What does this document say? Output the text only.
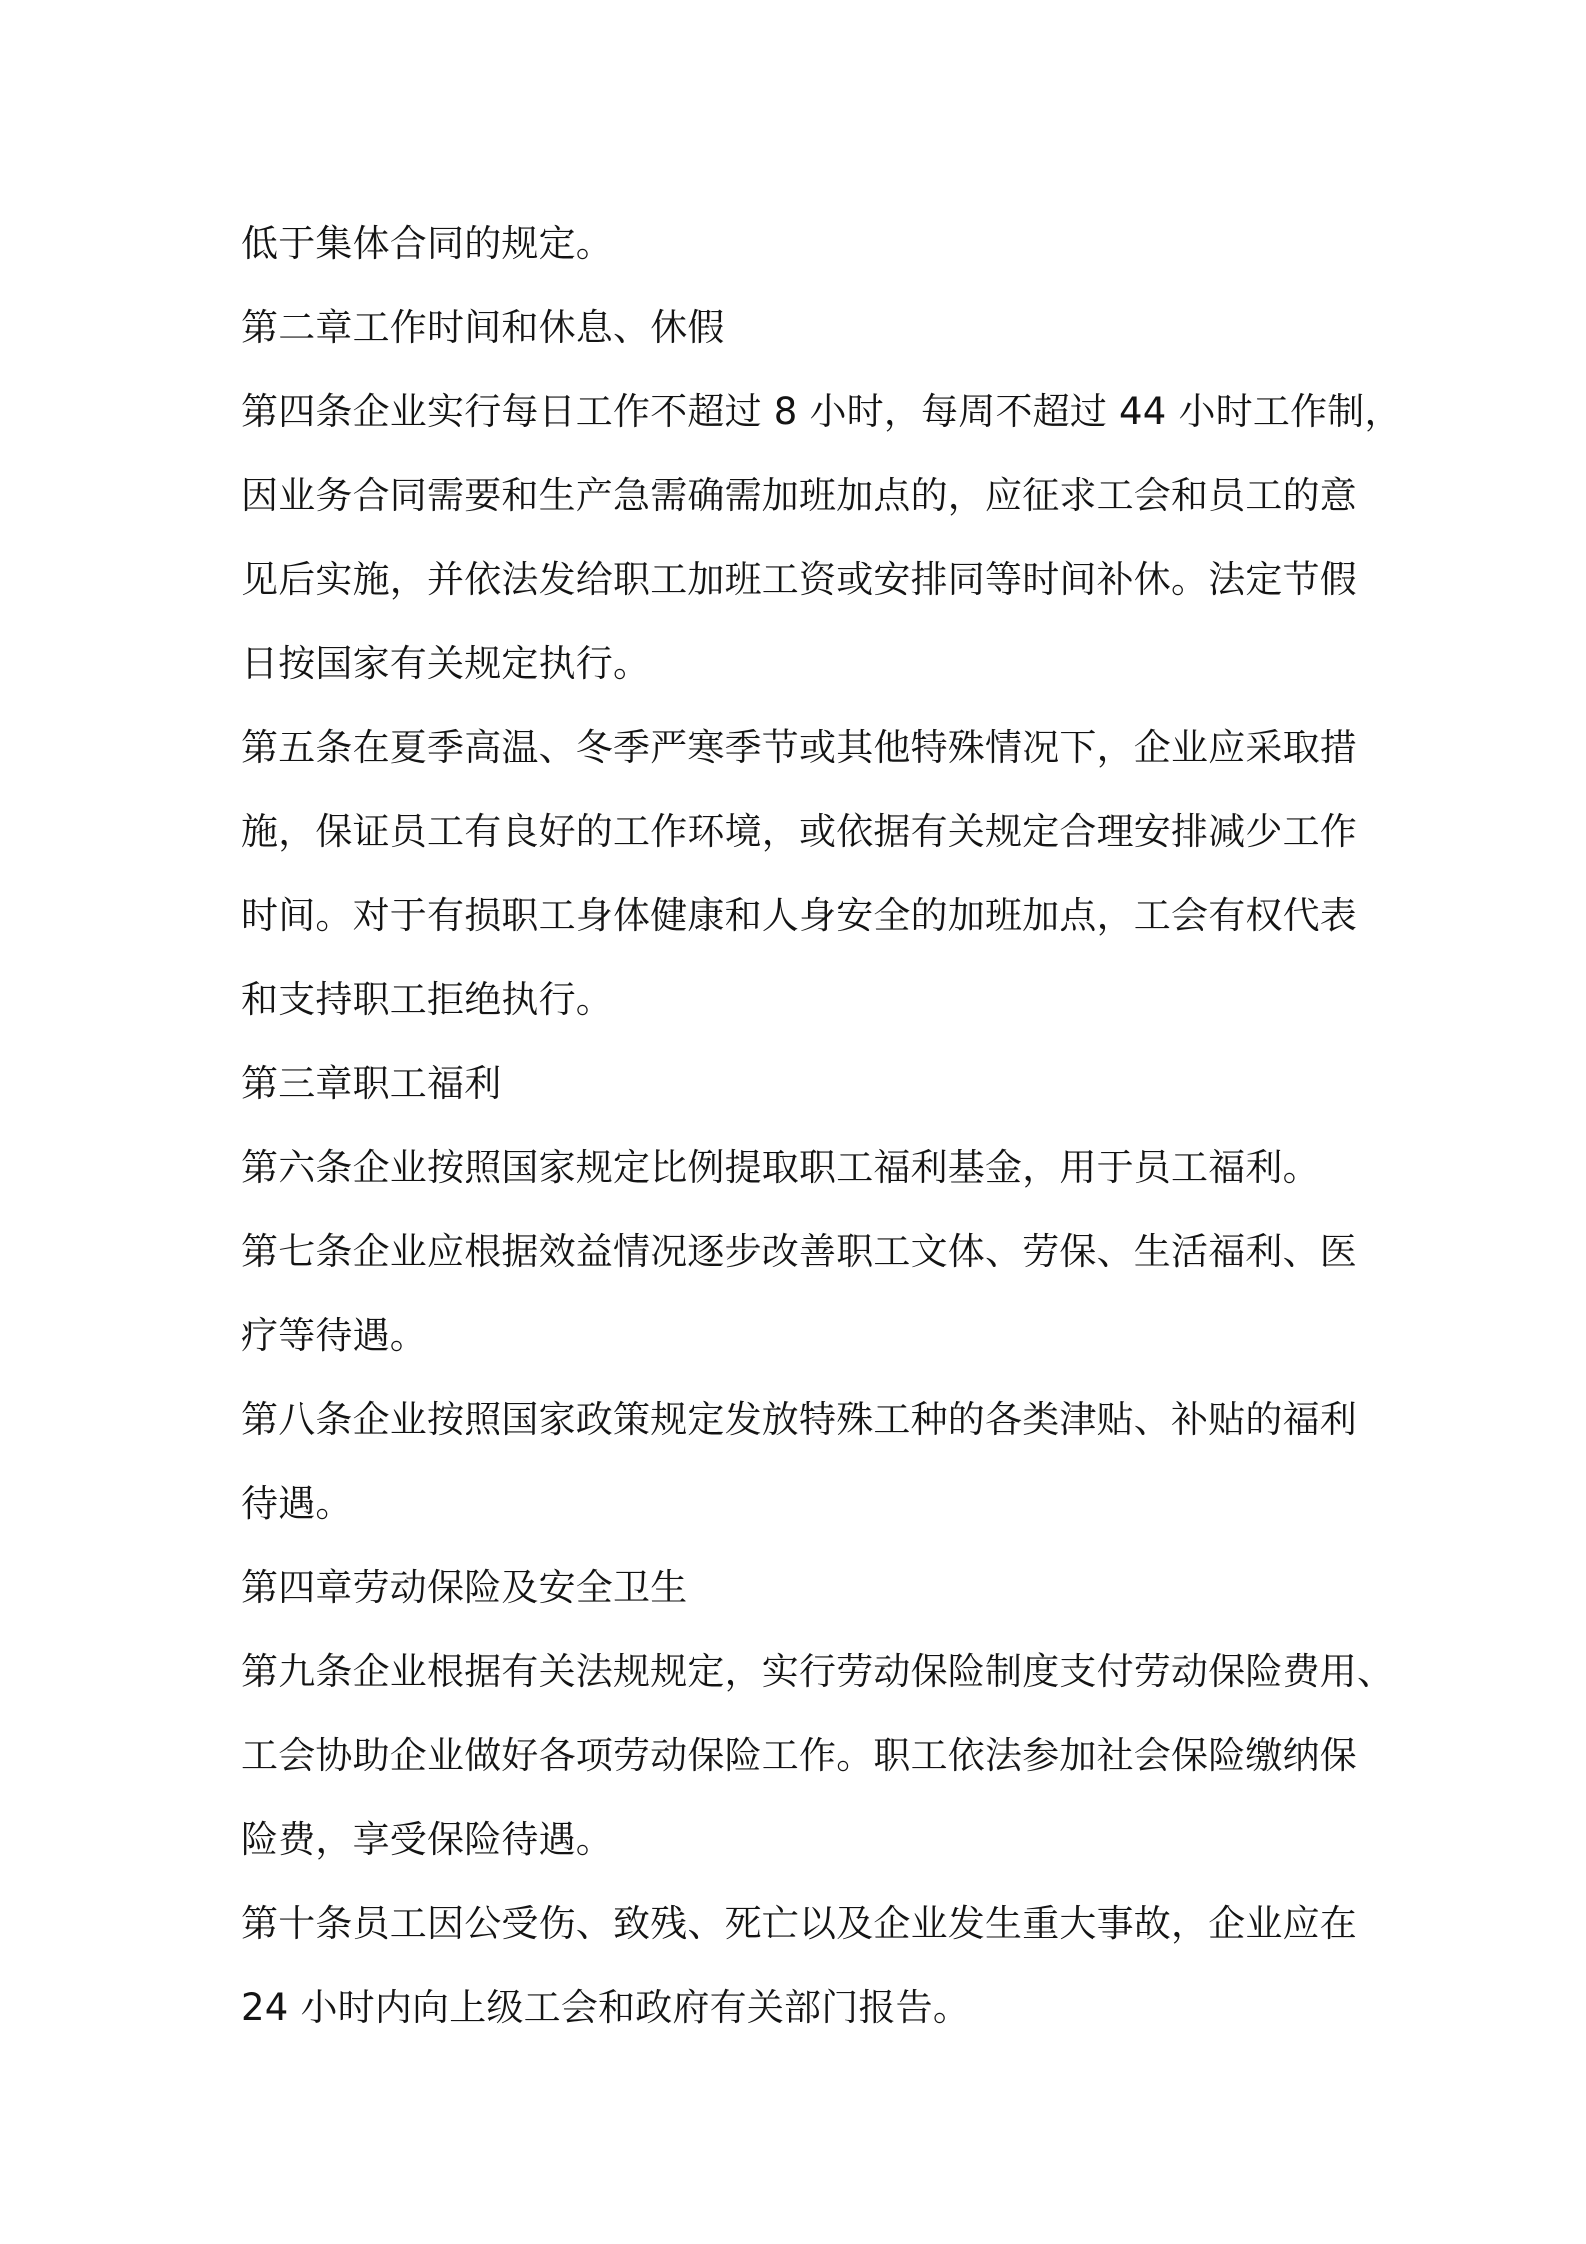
低于集体合同的规定。
第二章工作时间和休息、休假
第四条企业实行每日工作不超过 8 小时，每周不超过 44 小时工作制，
因业务合同需要和生产急需确需加班加点的，应征求工会和员工的意
见后实施，并依法发给职工加班工资或安排同等时间补休。法定节假
日按国家有关规定执行。
第五条在夏季高温、冬季严寒季节或其他特殊情况下，企业应采取措
施，保证员工有良好的工作环境，或依据有关规定合理安排减少工作
时间。对于有损职工身体健康和人身安全的加班加点，工会有权代表
和支持职工拒绝执行。
第三章职工福利
第六条企业按照国家规定比例提取职工福利基金，用于员工福利。
第七条企业应根据效益情况逐步改善职工文体、劳保、生活福利、医
疗等待遇。
第八条企业按照国家政策规定发放特殊工种的各类津贴、补贴的福利
待遇。
第四章劳动保险及安全卫生
第九条企业根据有关法规规定，实行劳动保险制度支付劳动保险费用、
工会协助企业做好各项劳动保险工作。职工依法参加社会保险缴纳保
险费，享受保险待遇。
第十条员工因公受伤、致残、死亡以及企业发生重大事故，企业应在
24 小时内向上级工会和政府有关部门报告。
